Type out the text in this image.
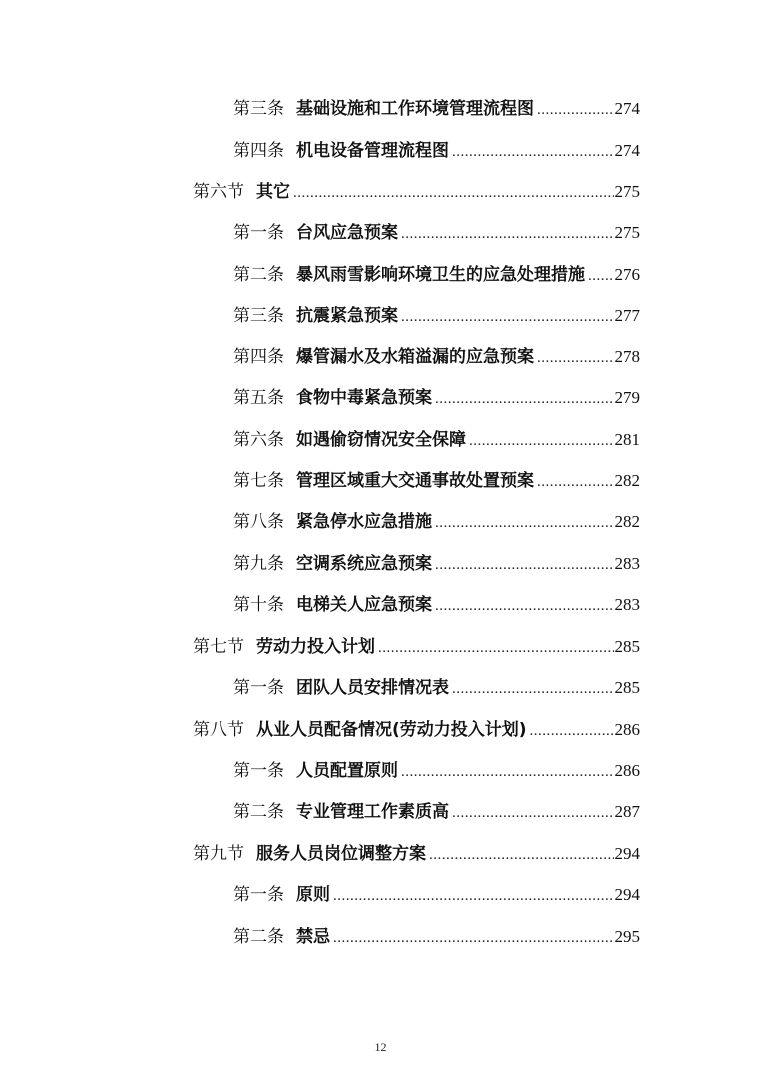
第三条 基础设施和工作环境管理流程图 .....	274
第四条 机电设备管理流程图 .....	274
第六节 其它 .....	275
第一条 台风应急预案 .....	275
第二条 暴风雨雪影响环境卫生的应急处理措施 ..... 276
第三条 抗震紧急预案 .....	277
第四条 爆管漏水及水箱溢漏的应急预案 .....	278
第五条 食物中毒紧急预案 .....	279
第六条 如遇偷窃情况安全保障 .....	281
第七条 管理区域重大交通事故处置预案 .....	282
第八条 紧急停水应急措施 .....	282
第九条 空调系统应急预案 .....	283
第十条 电梯关人应急预案 .....	283
第七节 劳动力投入计划 .....	285
第一条 团队人员安排情况表 .....	285
第八节 从业人员配备情况(劳动力投入计划) .....	286
第一条 人员配置原则 .....	286
第二条 专业管理工作素质高 .....	287
第九节 服务人员岗位调整方案 .....	294
第一条 原则 .....	294
第二条 禁忌 .....	295
12
